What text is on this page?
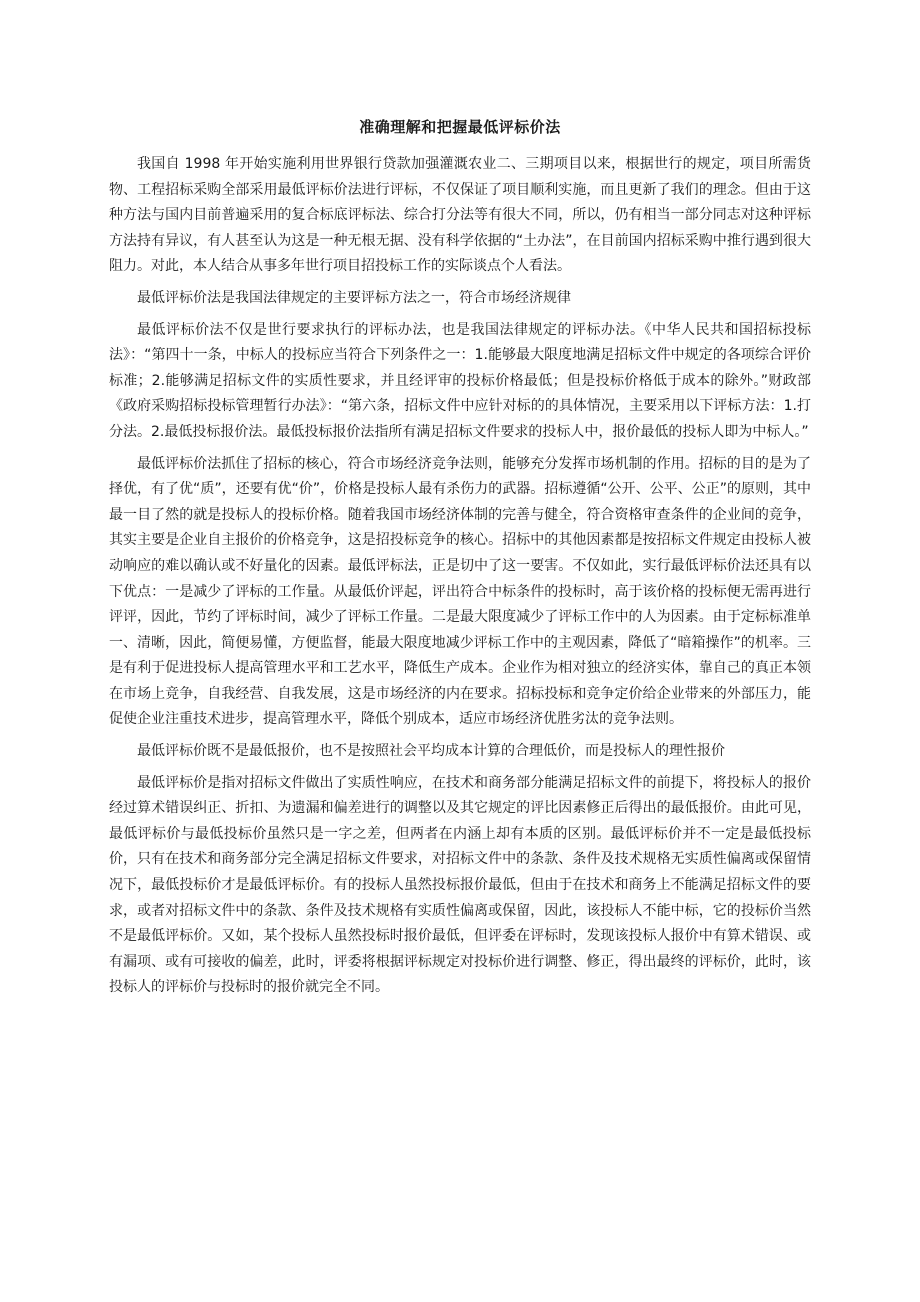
准确理解和把握最低评标价法

我国自 1998 年开始实施利用世界银行贷款加强灌溉农业二、三期项目以来，根据世行的规定，项目所需货物、工程招标采购全部采用最低评标价法进行评标，不仅保证了项目顺利实施，而且更新了我们的理念。但由于这种方法与国内目前普遍采用的复合标底评标法、综合打分法等有很大不同，所以，仍有相当一部分同志对这种评标方法持有异议，有人甚至认为这是一种无根无据、没有科学依据的“土办法”，在目前国内招标采购中推行遇到很大阻力。对此，本人结合从事多年世行项目招投标工作的实际谈点个人看法。

最低评标价法是我国法律规定的主要评标方法之一，符合市场经济规律

最低评标价法不仅是世行要求执行的评标办法，也是我国法律规定的评标办法。《中华人民共和国招标投标法》：“第四十一条，中标人的投标应当符合下列条件之一：1.能够最大限度地满足招标文件中规定的各项综合评价标准；2.能够满足招标文件的实质性要求，并且经评审的投标价格最低；但是投标价格低于成本的除外。”财政部《政府采购招标投标管理暂行办法》：“第六条，招标文件中应针对标的的具体情况，主要采用以下评标方法：1.打分法。2.最低投标报价法。最低投标报价法指所有满足招标文件要求的投标人中，报价最低的投标人即为中标人。”

最低评标价法抓住了招标的核心，符合市场经济竞争法则，能够充分发挥市场机制的作用。招标的目的是为了择优，有了优“质”，还要有优“价”，价格是投标人最有杀伤力的武器。招标遵循“公开、公平、公正”的原则，其中最一目了然的就是投标人的投标价格。随着我国市场经济体制的完善与健全，符合资格审查条件的企业间的竞争，其实主要是企业自主报价的价格竞争，这是招投标竞争的核心。招标中的其他因素都是按招标文件规定由投标人被动响应的难以确认或不好量化的因素。最低评标法，正是切中了这一要害。不仅如此，实行最低评标价法还具有以下优点：一是减少了评标的工作量。从最低价评起，评出符合中标条件的投标时，高于该价格的投标便无需再进行评评，因此，节约了评标时间，减少了评标工作量。二是最大限度减少了评标工作中的人为因素。由于定标标准单一、清晰，因此，简便易懂，方便监督，能最大限度地减少评标工作中的主观因素，降低了“暗箱操作”的机率。三是有利于促进投标人提高管理水平和工艺水平，降低生产成本。企业作为相对独立的经济实体，靠自己的真正本领在市场上竞争，自我经营、自我发展，这是市场经济的内在要求。招标投标和竞争定价给企业带来的外部压力，能促使企业注重技术进步，提高管理水平，降低个别成本，适应市场经济优胜劣汰的竞争法则。

最低评标价既不是最低报价，也不是按照社会平均成本计算的合理低价，而是投标人的理性报价

最低评标价是指对招标文件做出了实质性响应，在技术和商务部分能满足招标文件的前提下，将投标人的报价经过算术错误纠正、折扣、为遗漏和偏差进行的调整以及其它规定的评比因素修正后得出的最低报价。由此可见，最低评标价与最低投标价虽然只是一字之差，但两者在内涵上却有本质的区别。最低评标价并不一定是最低投标价，只有在技术和商务部分完全满足招标文件要求，对招标文件中的条款、条件及技术规格无实质性偏离或保留情况下，最低投标价才是最低评标价。有的投标人虽然投标报价最低，但由于在技术和商务上不能满足招标文件的要求，或者对招标文件中的条款、条件及技术规格有实质性偏离或保留，因此，该投标人不能中标，它的投标价当然不是最低评标价。又如，某个投标人虽然投标时报价最低，但评委在评标时，发现该投标人报价中有算术错误、或有漏项、或有可接收的偏差，此时，评委将根据评标规定对投标价进行调整、修正，得出最终的评标价，此时，该投标人的评标价与投标时的报价就完全不同。
